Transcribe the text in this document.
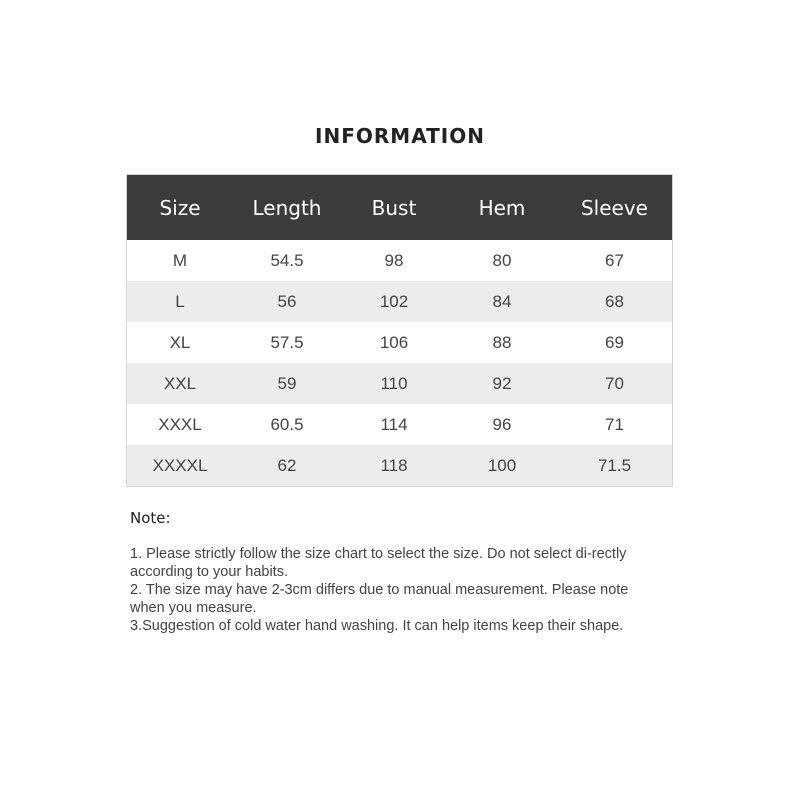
INFORMATION
Size	Length	Bust	Hem	Sleeve
M	54.5	98	80	67
L	56	102	84	68
XL	57.5	106	88	69
XXL	59	110	92	70
XXXL	60.5	114	96	71
XXXXL	62	118	100	71.5
Note:

1. Please strictly follow the size chart to select the size. Do not select di-rectly according to your habits.

2. The size may have 2-3cm differs due to manual measurement. Please note when you measure.

3.Suggestion of cold water hand washing. It can help items keep their shape.
